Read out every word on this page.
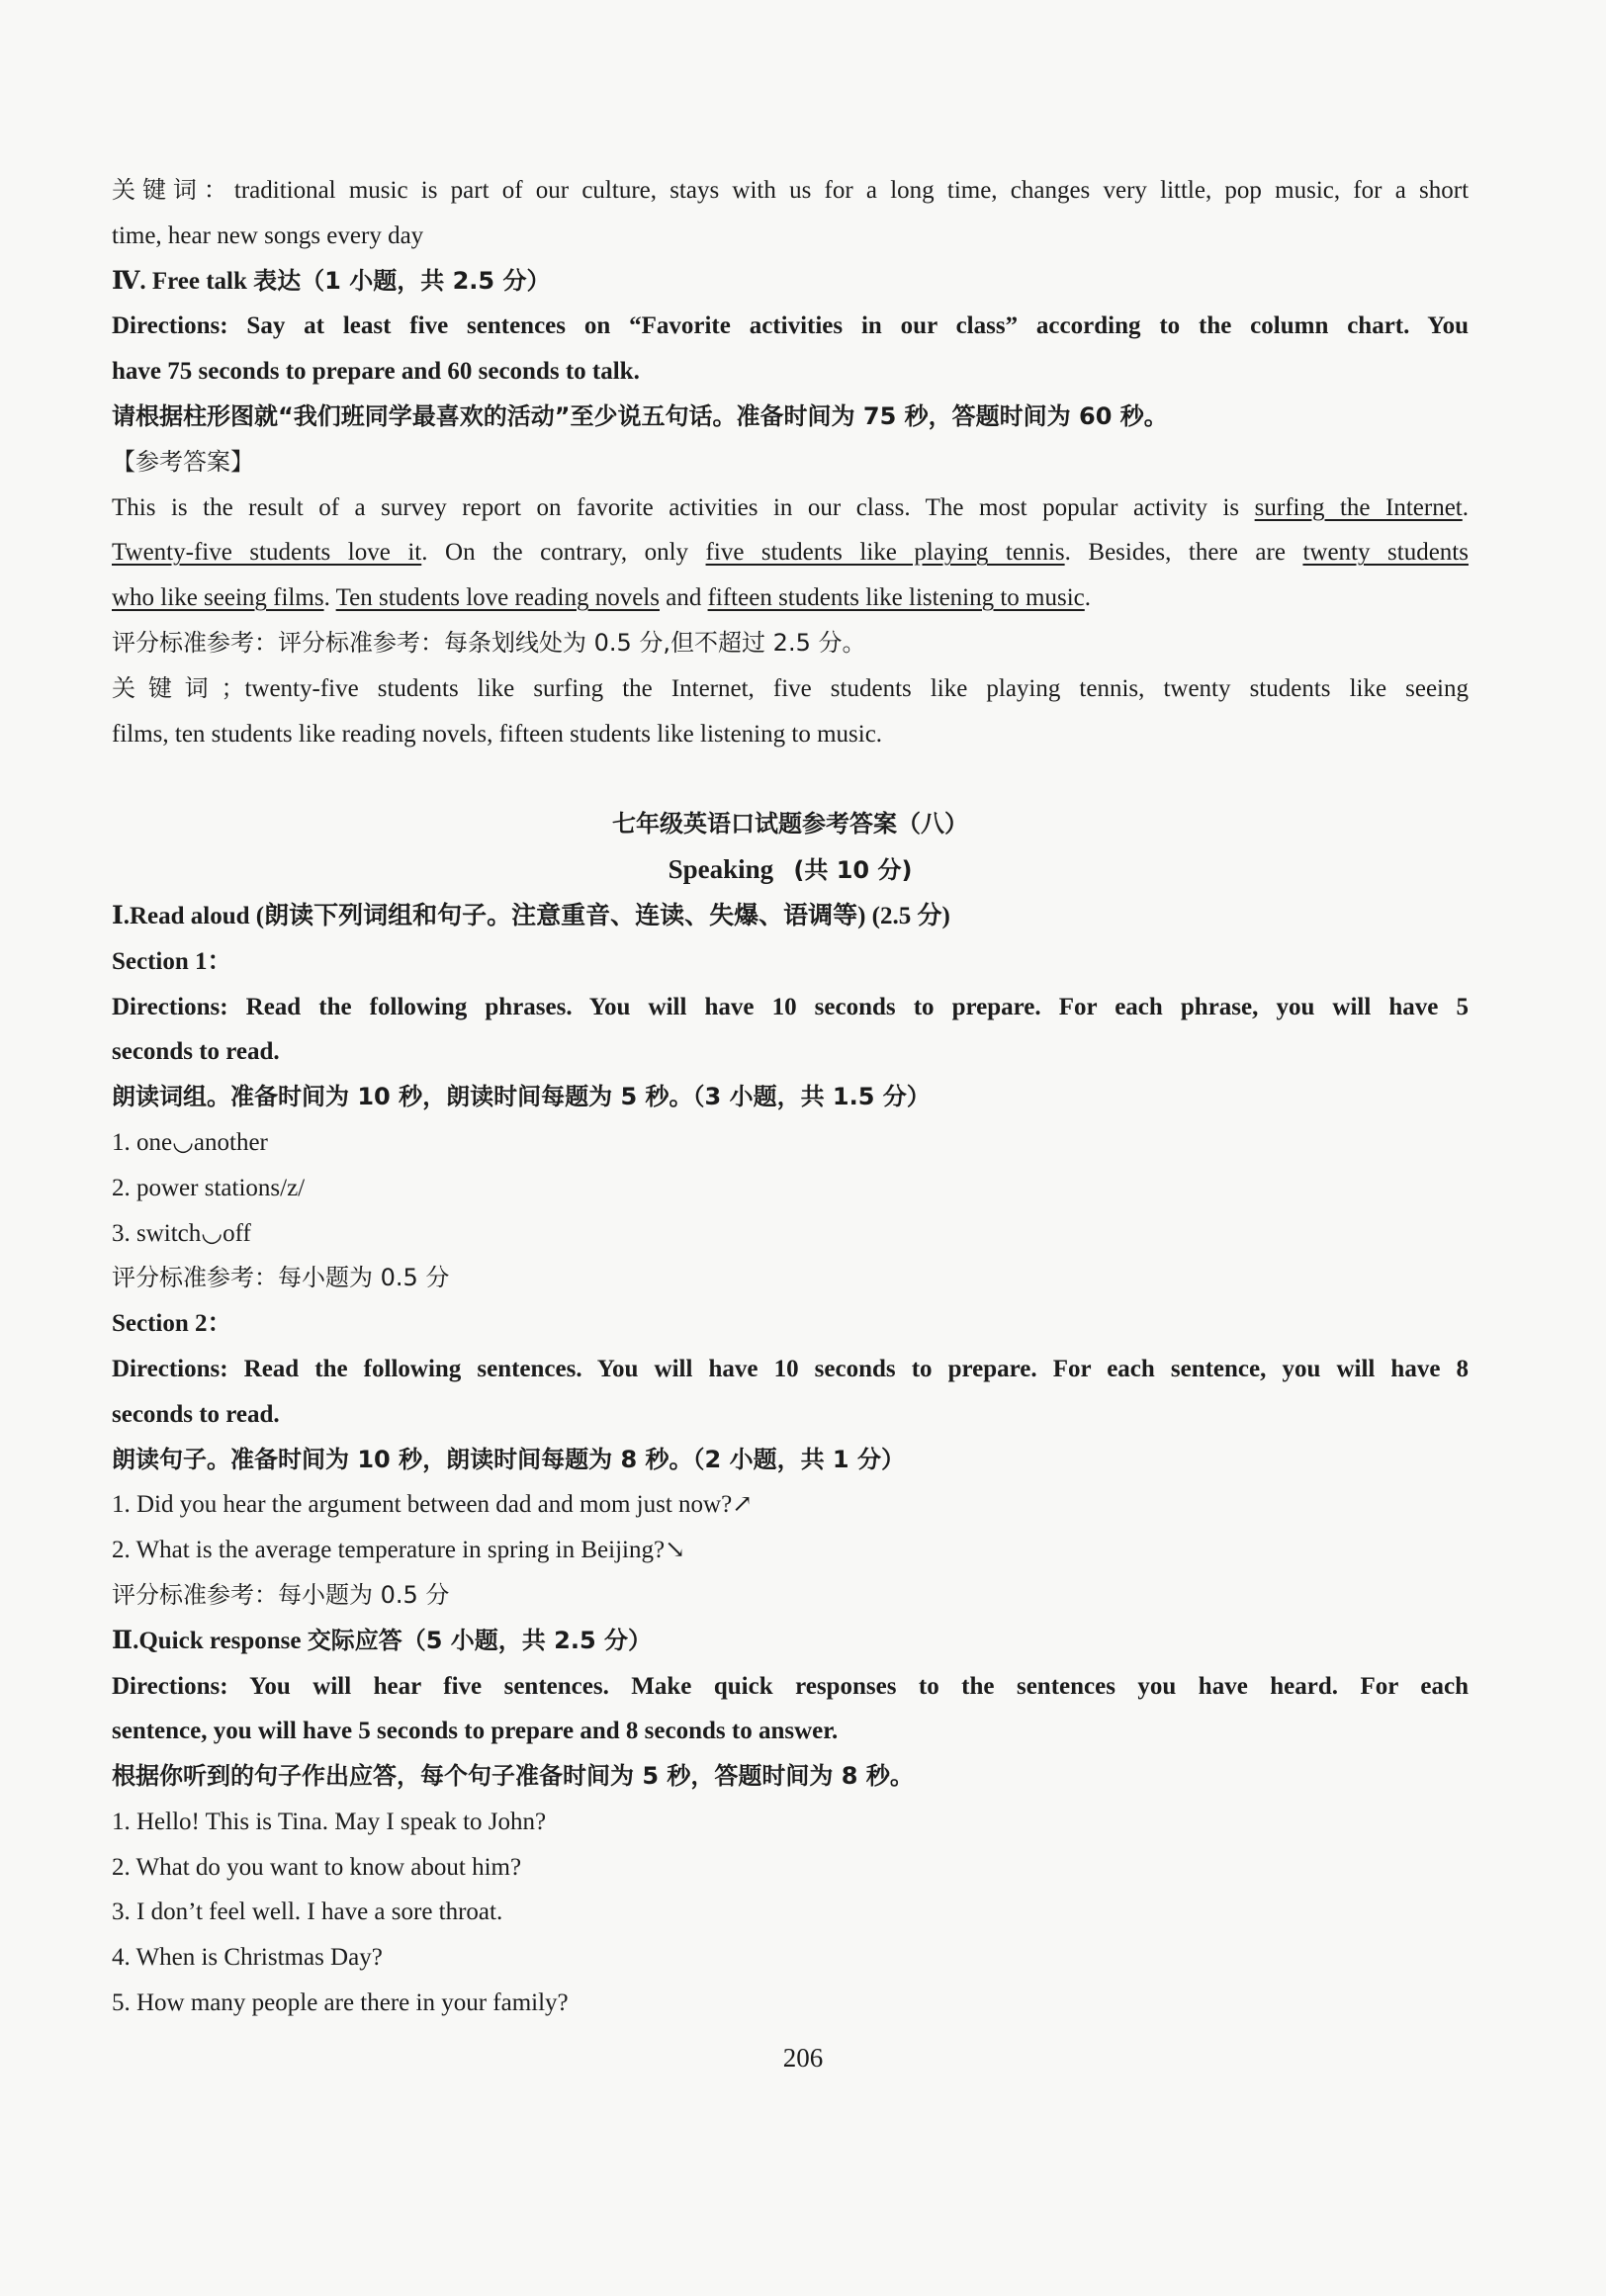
关键词：traditional music is part of our culture, stays with us for a long time, changes very little, pop music, for a short
time, hear new songs every day
Ⅳ. Free talk 表达（1 小题，共 2.5 分）
Directions: Say at least five sentences on “Favorite activities in our class” according to the column chart. You
have 75 seconds to prepare and 60 seconds to talk.
请根据柱形图就“我们班同学最喜欢的活动”至少说五句话。准备时间为 75 秒，答题时间为 60 秒。
【参考答案】
This is the result of a survey report on favorite activities in our class. The most popular activity is surfing the Internet.
Twenty-five students love it. On the contrary, only five students like playing tennis. Besides, there are twenty students
who like seeing films. Ten students love reading novels and fifteen students like listening to music.
评分标准参考：评分标准参考：每条划线处为 0.5 分,但不超过 2.5 分。
关键词；twenty-five students like surfing the Internet, five students like playing tennis, twenty students like seeing
films, ten students like reading novels, fifteen students like listening to music.
七年级英语口试题参考答案（八）
Speaking (共 10 分)
Ⅰ.Read aloud (朗读下列词组和句子。注意重音、连读、失爆、语调等) (2.5 分)
Section 1：
Directions: Read the following phrases. You will have 10 seconds to prepare. For each phrase, you will have 5
seconds to read.
朗读词组。准备时间为 10 秒，朗读时间每题为 5 秒。（3 小题，共 1.5 分）
1. one◡another
2. power stations/z/
3. switch◡off
评分标准参考：每小题为 0.5 分
Section 2：
Directions: Read the following sentences. You will have 10 seconds to prepare. For each sentence, you will have 8
seconds to read.
朗读句子。准备时间为 10 秒，朗读时间每题为 8 秒。（2 小题，共 1 分）
1. Did you hear the argument between dad and mom just now?↗
2. What is the average temperature in spring in Beijing?↘
评分标准参考：每小题为 0.5 分
Ⅱ.Quick response 交际应答（5 小题，共 2.5 分）
Directions: You will hear five sentences. Make quick responses to the sentences you have heard. For each
sentence, you will have 5 seconds to prepare and 8 seconds to answer.
根据你听到的句子作出应答，每个句子准备时间为 5 秒，答题时间为 8 秒。
1. Hello! This is Tina. May I speak to John?
2. What do you want to know about him?
3. I don’t feel well. I have a sore throat.
4. When is Christmas Day?
5. How many people are there in your family?
206
